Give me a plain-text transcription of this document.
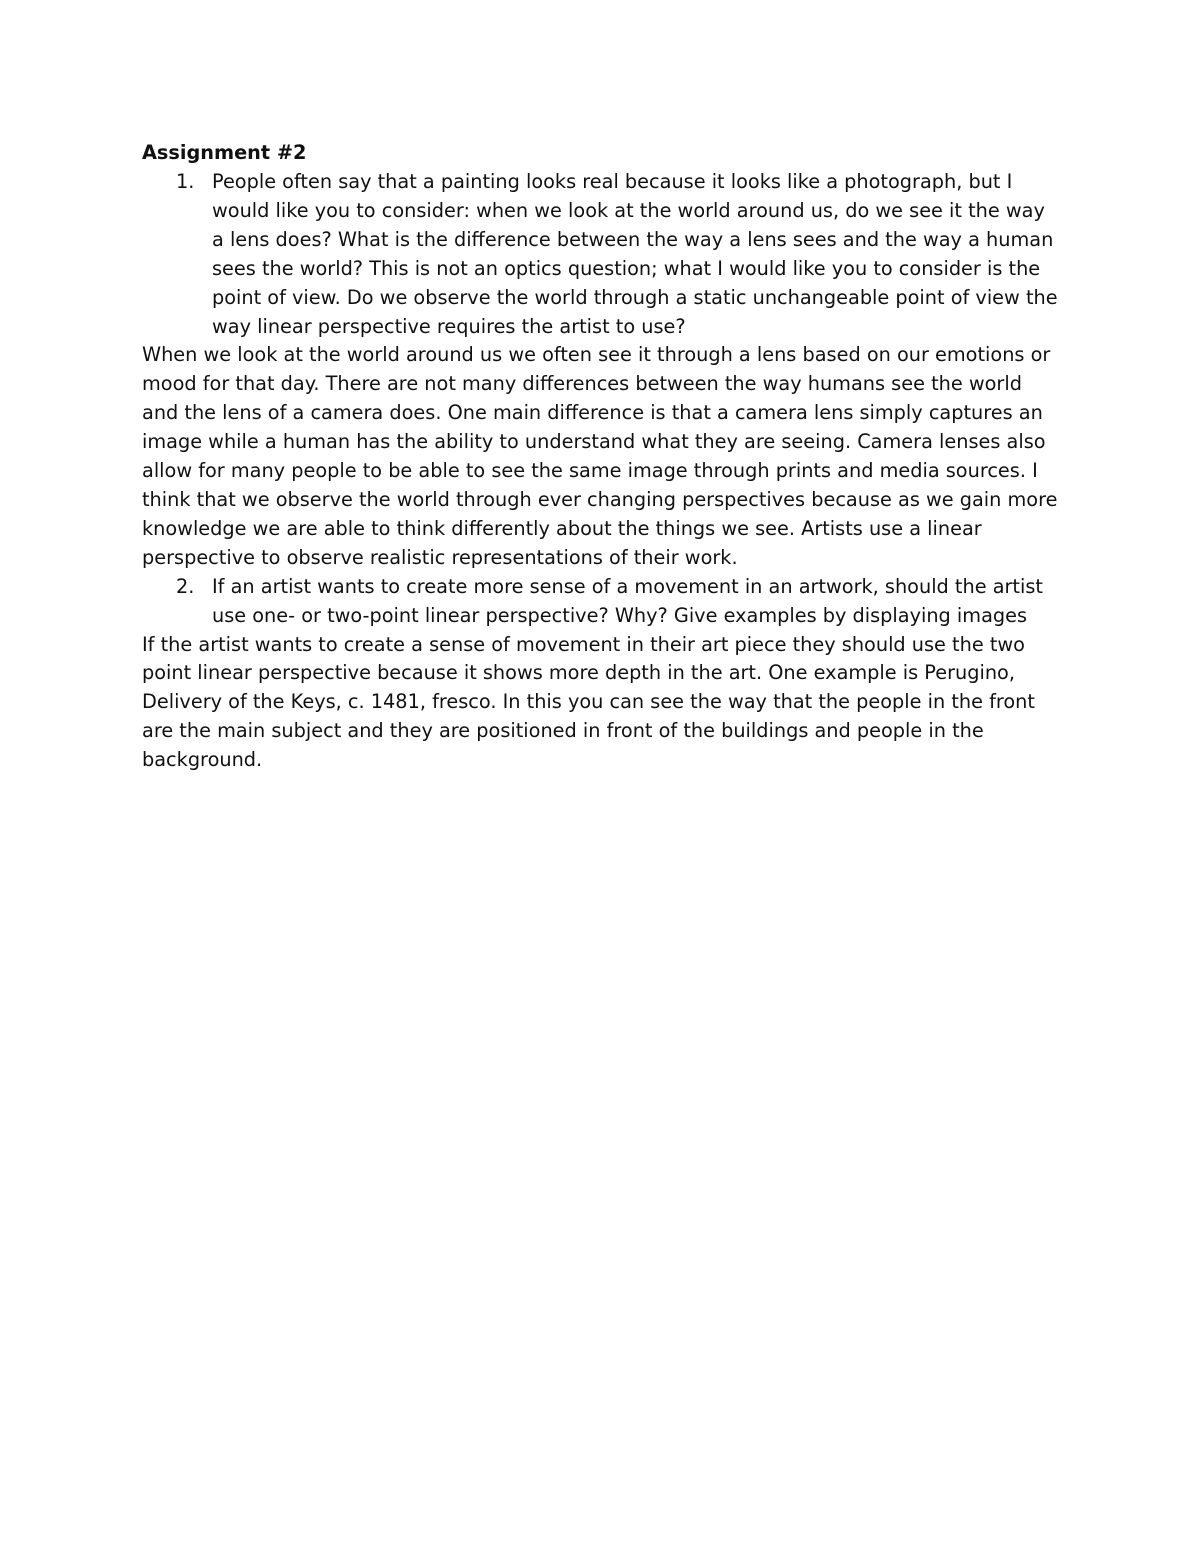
Assignment #2

1. People often say that a painting looks real because it looks like a photograph, but I would like you to consider: when we look at the world around us, do we see it the way a lens does? What is the difference between the way a lens sees and the way a human sees the world? This is not an optics question; what I would like you to consider is the point of view. Do we observe the world through a static unchangeable point of view the way linear perspective requires the artist to use?

When we look at the world around us we often see it through a lens based on our emotions or mood for that day. There are not many differences between the way humans see the world and the lens of a camera does. One main difference is that a camera lens simply captures an image while a human has the ability to understand what they are seeing. Camera lenses also allow for many people to be able to see the same image through prints and media sources. I think that we observe the world through ever changing perspectives because as we gain more knowledge we are able to think differently about the things we see. Artists use a linear perspective to observe realistic representations of their work.

2. If an artist wants to create more sense of a movement in an artwork, should the artist use one- or two-point linear perspective? Why? Give examples by displaying images

If the artist wants to create a sense of movement in their art piece they should use the two point linear perspective because it shows more depth in the art. One example is Perugino, Delivery of the Keys, c. 1481, fresco. In this you can see the way that the people in the front are the main subject and they are positioned in front of the buildings and people in the background.
